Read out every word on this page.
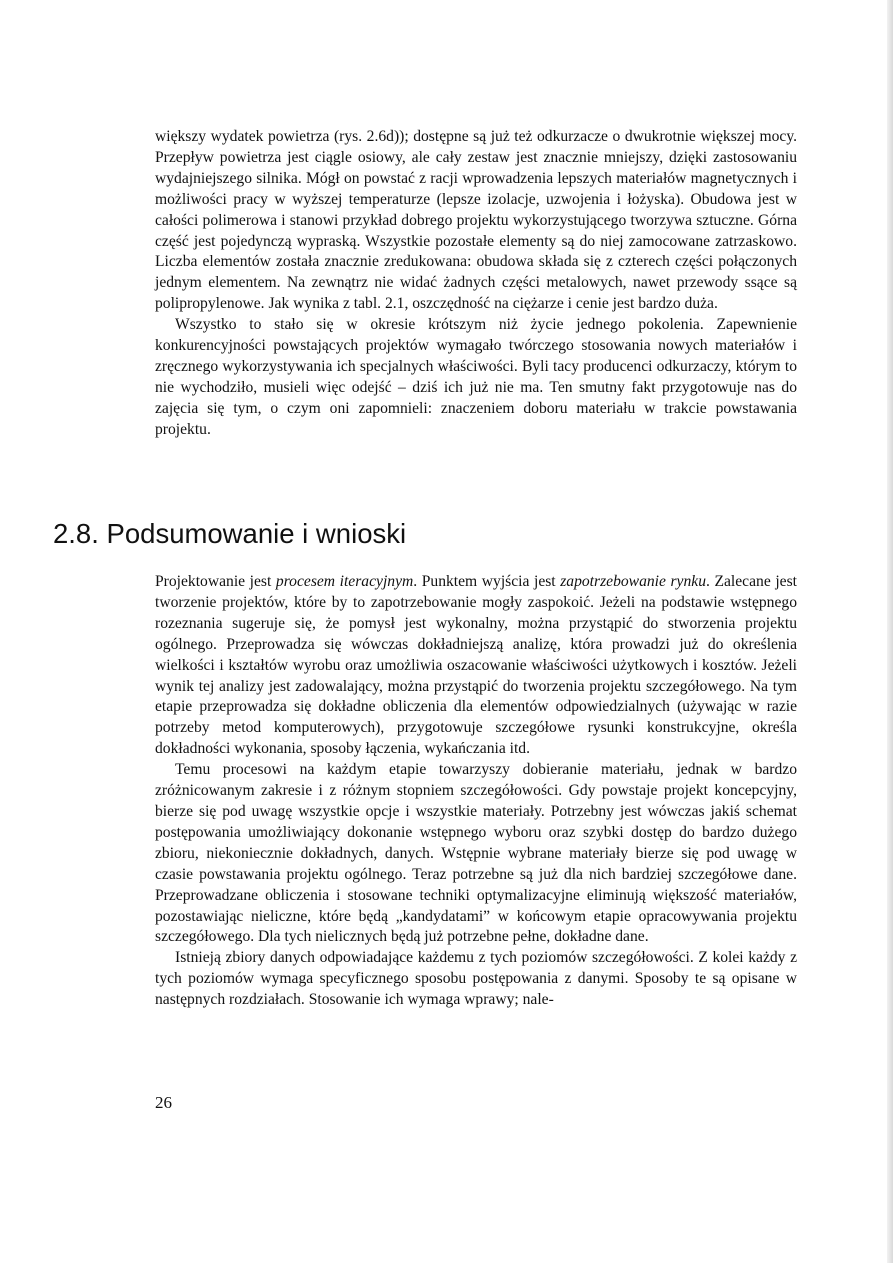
większy wydatek powietrza (rys. 2.6d)); dostępne są już też odkurzacze o dwukrotnie większej mocy. Przepływ powietrza jest ciągle osiowy, ale cały zestaw jest znacznie mniejszy, dzięki zastosowaniu wydajniejszego silnika. Mógł on powstać z racji wprowadzenia lepszych materiałów magnetycznych i możliwości pracy w wyższej temperaturze (lepsze izolacje, uzwojenia i łożyska). Obudowa jest w całości polimerowa i stanowi przykład dobrego projektu wykorzystującego tworzywa sztuczne. Górna część jest pojedynczą wypraską. Wszystkie pozostałe elementy są do niej zamocowane zatrzaskowo. Liczba elementów została znacznie zredukowana: obudowa składa się z czterech części połączonych jednym elementem. Na zewnątrz nie widać żadnych części metalowych, nawet przewody ssące są polipropylenowe. Jak wynika z tabl. 2.1, oszczędność na ciężarze i cenie jest bardzo duża.

Wszystko to stało się w okresie krótszym niż życie jednego pokolenia. Zapewnienie konkurencyjności powstających projektów wymagało twórczego stosowania nowych materiałów i zręcznego wykorzystywania ich specjalnych właściwości. Byli tacy producenci odkurzaczy, którym to nie wychodziło, musieli więc odejść – dziś ich już nie ma. Ten smutny fakt przygotowuje nas do zajęcia się tym, o czym oni zapomnieli: znaczeniem doboru materiału w trakcie powstawania projektu.

2.8. Podsumowanie i wnioski

Projektowanie jest procesem iteracyjnym. Punktem wyjścia jest zapotrzebowanie rynku. Zalecane jest tworzenie projektów, które by to zapotrzebowanie mogły zaspokoić. Jeżeli na podstawie wstępnego rozeznania sugeruje się, że pomysł jest wykonalny, można przystąpić do stworzenia projektu ogólnego. Przeprowadza się wówczas dokładniejszą analizę, która prowadzi już do określenia wielkości i kształtów wyrobu oraz umożliwia oszacowanie właściwości użytkowych i kosztów. Jeżeli wynik tej analizy jest zadowalający, można przystąpić do tworzenia projektu szczegółowego. Na tym etapie przeprowadza się dokładne obliczenia dla elementów odpowiedzialnych (używając w razie potrzeby metod komputerowych), przygotowuje szczegółowe rysunki konstrukcyjne, określa dokładności wykonania, sposoby łączenia, wykańczania itd.

Temu procesowi na każdym etapie towarzyszy dobieranie materiału, jednak w bardzo zróżnicowanym zakresie i z różnym stopniem szczegółowości. Gdy powstaje projekt koncepcyjny, bierze się pod uwagę wszystkie opcje i wszystkie materiały. Potrzebny jest wówczas jakiś schemat postępowania umożliwiający dokonanie wstępnego wyboru oraz szybki dostęp do bardzo dużego zbioru, niekoniecznie dokładnych, danych. Wstępnie wybrane materiały bierze się pod uwagę w czasie powstawania projektu ogólnego. Teraz potrzebne są już dla nich bardziej szczegółowe dane. Przeprowadzane obliczenia i stosowane techniki optymalizacyjne eliminują większość materiałów, pozostawiając nieliczne, które będą „kandydatami” w końcowym etapie opracowywania projektu szczegółowego. Dla tych nielicznych będą już potrzebne pełne, dokładne dane.

Istnieją zbiory danych odpowiadające każdemu z tych poziomów szczegółowości. Z kolei każdy z tych poziomów wymaga specyficznego sposobu postępowania z danymi. Sposoby te są opisane w następnych rozdziałach. Stosowanie ich wymaga wprawy; nale-

26
